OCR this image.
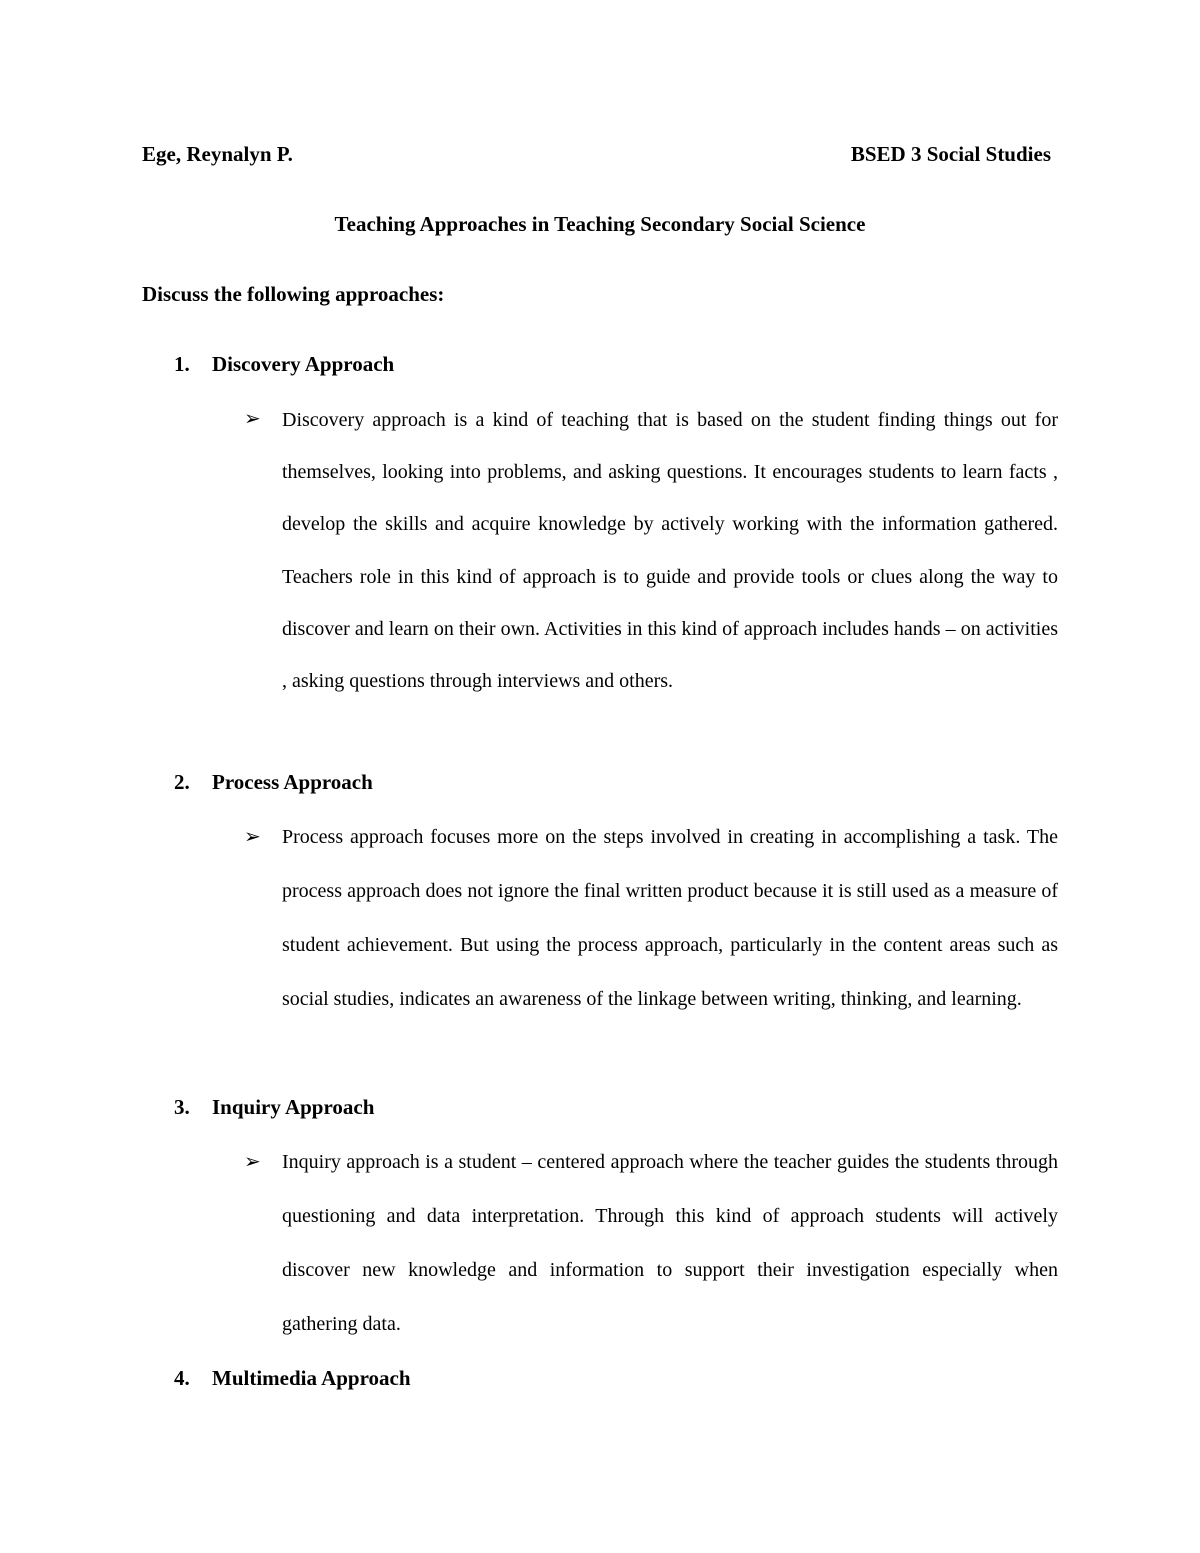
Ege, Reynalyn P.	BSED 3 Social Studies
Teaching Approaches in Teaching Secondary Social Science
Discuss the following approaches:
1. Discovery Approach
➢ Discovery approach is a kind of teaching that is based on the student finding things out for themselves, looking into problems, and asking questions. It encourages students to learn facts , develop the skills and acquire knowledge by actively working with the information gathered. Teachers role in this kind of approach is to guide and provide tools or clues along the way to discover and learn on their own. Activities in this kind of approach includes hands – on activities , asking questions through interviews and others.
2. Process Approach
➢ Process approach focuses more on the steps involved in creating in accomplishing a task. The process approach does not ignore the final written product because it is still used as a measure of student achievement. But using the process approach, particularly in the content areas such as social studies, indicates an awareness of the linkage between writing, thinking, and learning.
3. Inquiry Approach
➢ Inquiry approach is a student – centered approach where the teacher guides the students through questioning and data interpretation. Through this kind of approach students will actively discover new knowledge and information to support their investigation especially when gathering data.
4. Multimedia Approach
